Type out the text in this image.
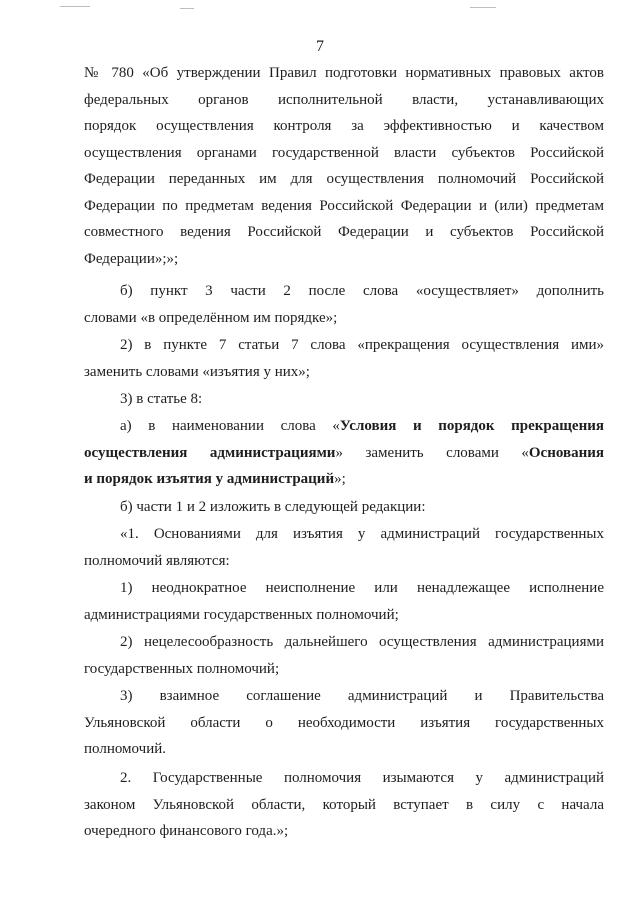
7
№ 780 «Об утверждении Правил подготовки нормативных правовых актов
федеральных органов исполнительной власти, устанавливающих
порядок осуществления контроля за эффективностью и качеством
осуществления органами государственной власти субъектов Российской
Федерации переданных им для осуществления полномочий Российской
Федерации по предметам ведения Российской Федерации и (или) предметам
совместного ведения Российской Федерации и субъектов Российской
Федерации»;»;
б) пункт 3 части 2 после слова «осуществляет» дополнить
словами «в определённом им порядке»;
2) в пункте 7 статьи 7 слова «прекращения осуществления ими»
заменить словами «изъятия у них»;
3) в статье 8:
а) в наименовании слова «Условия и порядок прекращения
осуществления администрациями» заменить словами «Основания
и порядок изъятия у администраций»;
б) части 1 и 2 изложить в следующей редакции:
«1. Основаниями для изъятия у администраций государственных
полномочий являются:
1) неоднократное неисполнение или ненадлежащее исполнение
администрациями государственных полномочий;
2) нецелесообразность дальнейшего осуществления администрациями
государственных полномочий;
3) взаимное соглашение администраций и Правительства
Ульяновской области о необходимости изъятия государственных
полномочий.
2. Государственные полномочия изымаются у администраций
законом Ульяновской области, который вступает в силу с начала
очередного финансового года.»;
